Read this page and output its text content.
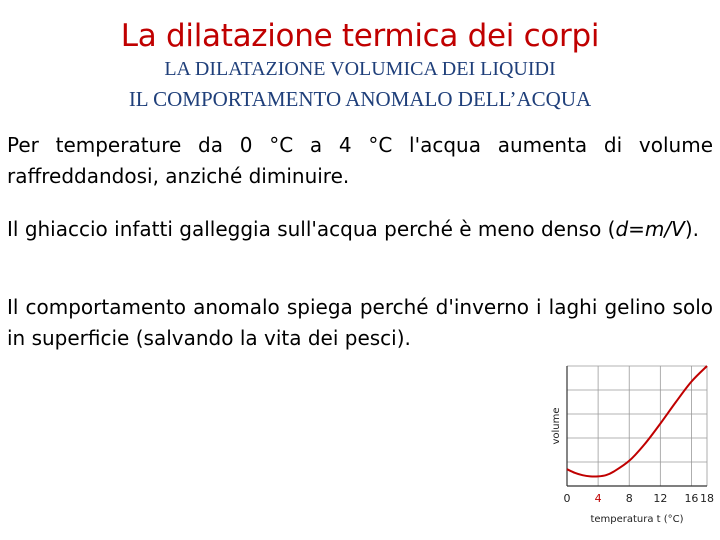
La dilatazione termica dei corpi
LA DILATAZIONE VOLUMICA DEI LIQUIDI
IL COMPORTAMENTO ANOMALO DELL’ACQUA
Per temperature da 0 °C a 4 °C l'acqua aumenta di volume raffreddandosi, anziché diminuire.
Il ghiaccio infatti galleggia sull'acqua perché è meno denso (d=m/V).
Il comportamento anomalo spiega perché d'inverno i laghi gelino solo in superficie (salvando la vita dei pesci).
0 4 8 12 16 18
temperatura t (°C)
volume
